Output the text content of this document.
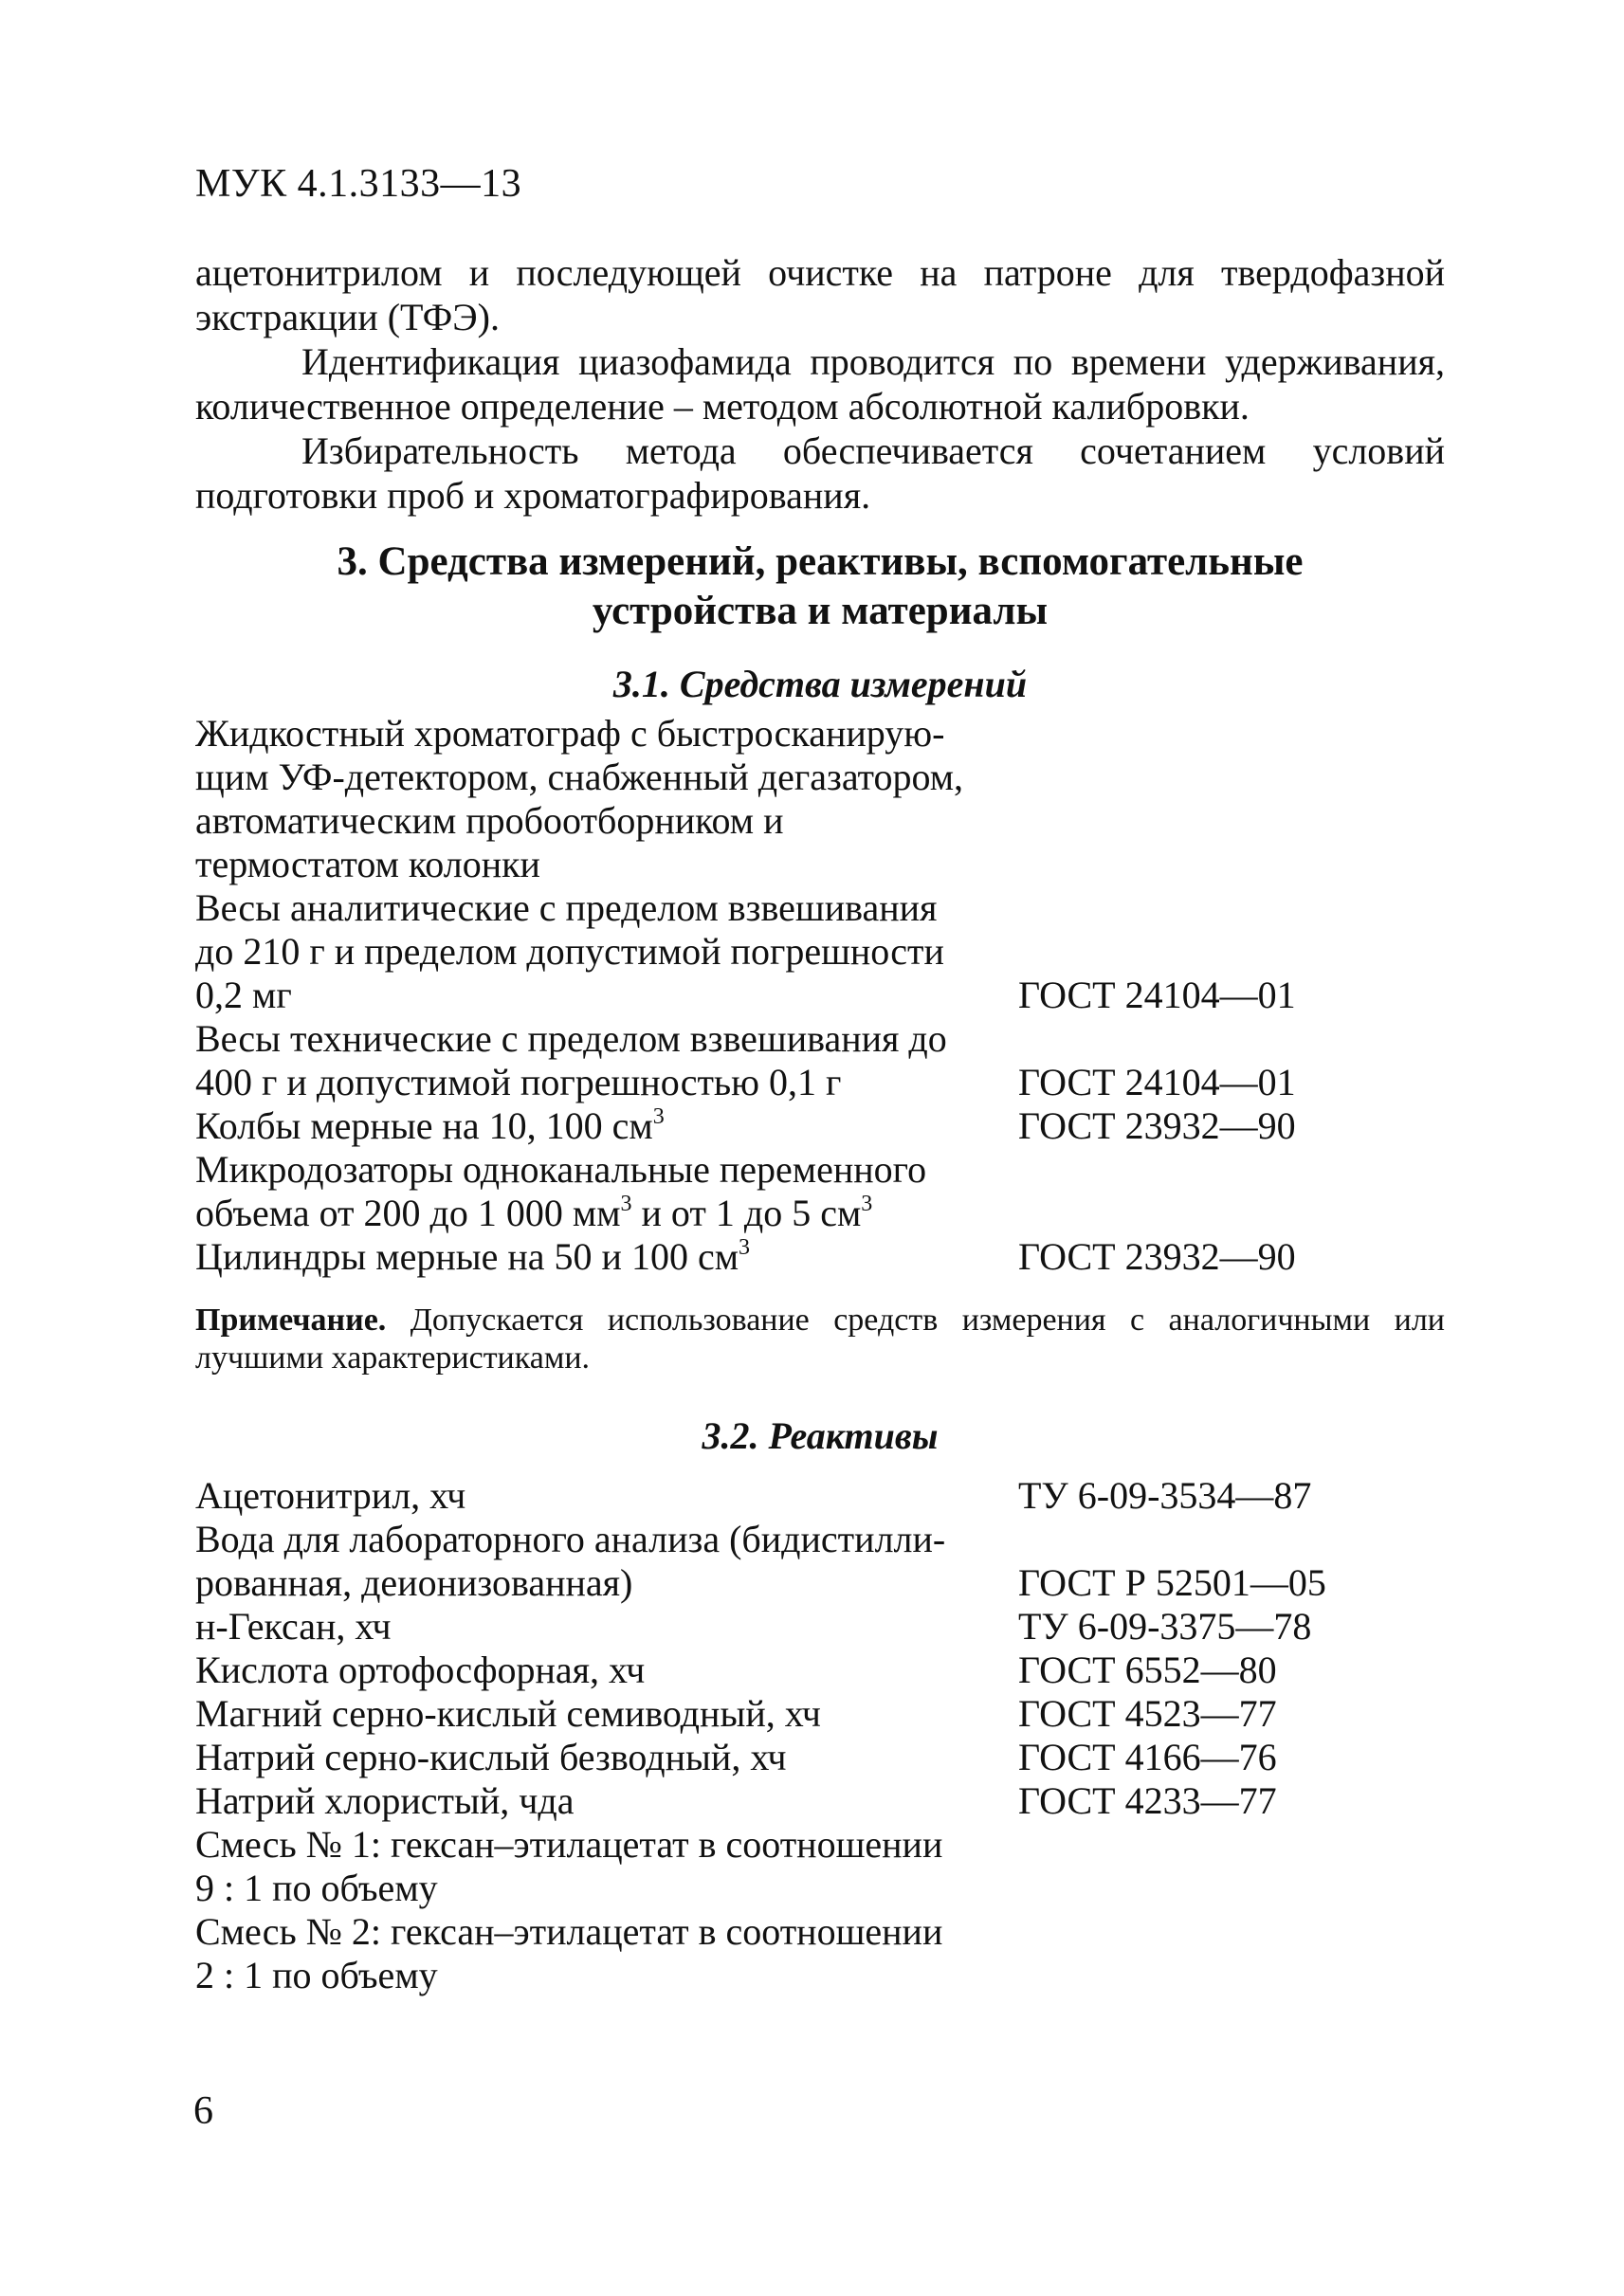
МУК 4.1.3133—13

ацетонитрилом и последующей очистке на патроне для твердофазной экстракции (ТФЭ).

Идентификация циазофамида проводится по времени удерживания, количественное определение – методом абсолютной калибровки.

Избирательность метода обеспечивается сочетанием условий подготовки проб и хроматографирования.

3. Средства измерений, реактивы, вспомогательные
устройства и материалы
3.1. Средства измерений
Жидкостный хроматограф с быстросканирую-
щим УФ-детектором, снабженный дегазатором,
автоматическим пробоотборником и
термостатом колонки
Весы аналитические с пределом взвешивания
до 210 г и пределом допустимой погрешности
0,2 мг	ГОСТ 24104—01
Весы технические с пределом взвешивания до
400 г и допустимой погрешностью 0,1 г	ГОСТ 24104—01
Колбы мерные на 10, 100 $см^3$	ГОСТ 23932—90
Микродозаторы одноканальные переменного
объема от 200 до 1 000 $мм^3$ и от 1 до 5 $см^3$
Цилиндры мерные на 50 и 100 $см^3$	ГОСТ 23932—90
Примечание. Допускается использование средств измерения с аналогичными или лучшими характеристиками.
3.2. Реактивы
Ацетонитрил, хч	ТУ 6-09-3534—87
Вода для лабораторного анализа (бидистилли-
рованная, деионизованная)	ГОСТ Р 52501—05
н-Гексан, хч	ТУ 6-09-3375—78
Кислота ортофосфорная, хч	ГОСТ 6552—80
Магний серно-кислый семиводный, хч	ГОСТ 4523—77
Натрий серно-кислый безводный, хч	ГОСТ 4166—76
Натрий хлористый, чда	ГОСТ 4233—77
Смесь № 1: гексан–этилацетат в соотношении
9 : 1 по объему
Смесь № 2: гексан–этилацетат в соотношении
2 : 1 по объему
6
